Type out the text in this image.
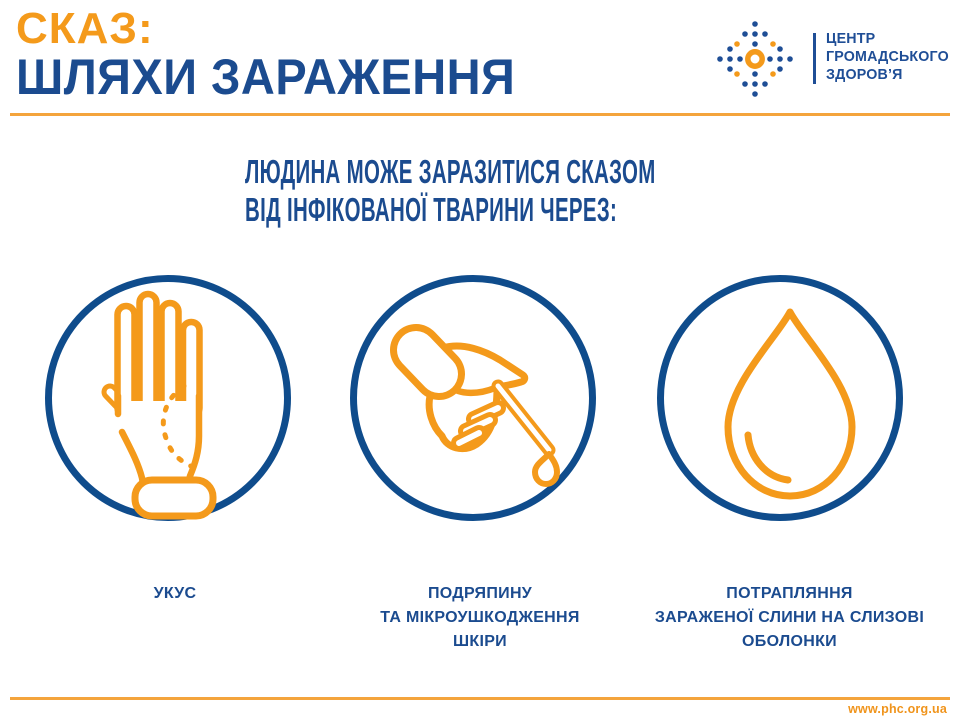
СКАЗ:
ШЛЯХИ ЗАРАЖЕННЯ
ЦЕНТР
ГРОМАДСЬКОГО
ЗДОРОВ’Я
ЛЮДИНА МОЖЕ ЗАРАЗИТИСЯ СКАЗОМ
ВІД ІНФІКОВАНОЇ ТВАРИНИ ЧЕРЕЗ:
УКУС	ПОДРЯПИНУ
ТА МІКРОУШКОДЖЕННЯ
ШКІРИ
ПОТРАПЛЯННЯ
ЗАРАЖЕНОЇ СЛИНИ НА СЛИЗОВІ
ОБОЛОНКИ
www.phc.org.ua
